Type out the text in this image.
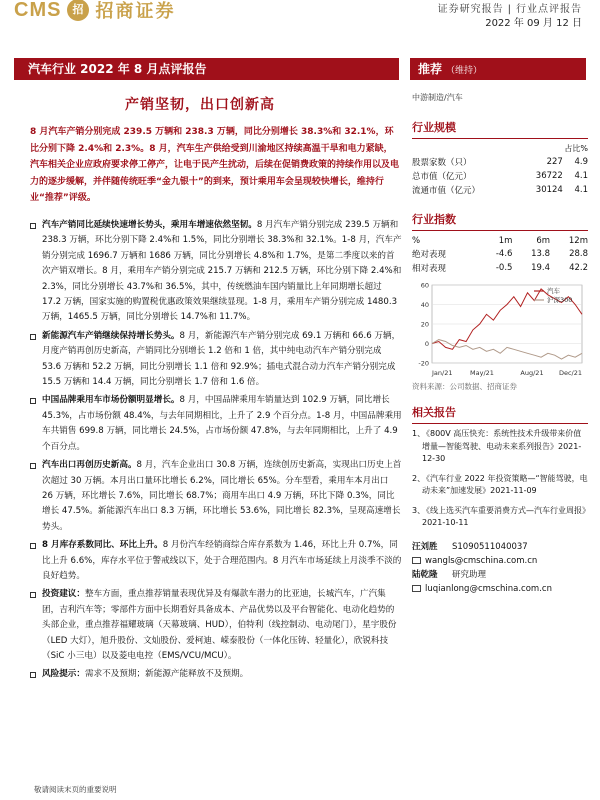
CMS	招 招商证券	证券研究报告 | 行业点评报告
2022 年 09 月 12 日
汽车行业 2022 年 8 月点评报告	推荐 （维持）
产销坚韧，出口创新高
8 月汽车产销分别完成 239.5 万辆和 238.3 万辆，同比分别增长 38.3%和 32.1%，环比分别下降 2.4%和 2.3%。8 月，汽车生产供给受到川渝地区持续高温干旱和电力紧缺，汽车相关企业应政府要求停工停产，让电于民产生扰动，后续在促销费政策的持续作用以及电力的逐步缓解，并伴随传统旺季“金九银十”的到来，预计乘用车会呈现较快增长，维持行业“推荐”评级。
汽车产销同比延续快速增长势头，乘用车增速依然坚韧。8 月汽车产销分别完成 239.5 万辆和 238.3 万辆，环比分别下降 2.4%和 1.5%，同比分别增长 38.3%和 32.1%。1-8 月，汽车产销分别完成 1696.7 万辆和 1686 万辆，同比分别增长 4.8%和 1.7%，是第二季度以来的首次产销双增长。8 月，乘用车产销分别完成 215.7 万辆和 212.5 万辆，环比分别下降 2.4%和 2.3%，同比分别增长 43.7%和 36.5%，其中，传统燃油车国内销量比上年同期增长超过 17.2 万辆，国家实施的购置税优惠政策效果继续显现。1-8 月，乘用车产销分别完成 1480.3 万辆，1465.5 万辆，同比分别增长 14.7%和 11.7%。
新能源汽车产销继续保持增长势头。8 月，新能源汽车产销分别完成 69.1 万辆和 66.6 万辆，月度产销再创历史新高，产销同比分别增长 1.2 倍和 1 倍，其中纯电动汽车产销分别完成 53.6 万辆和 52.2 万辆，同比分别增长 1.1 倍和 92.9%；插电式混合动力汽车产销分别完成 15.5 万辆和 14.4 万辆，同比分别增长 1.7 倍和 1.6 倍。
中国品牌乘用车市场份额明显增长。8 月，中国品牌乘用车销量达到 102.9 万辆，同比增长 45.3%，占市场份额 48.4%，与去年同期相比，上升了 2.9 个百分点。1-8 月，中国品牌乘用车共销售 699.8 万辆，同比增长 24.5%，占市场份额 47.8%，与去年同期相比，上升了 4.9 个百分点。
汽车出口再创历史新高。8 月，汽车企业出口 30.8 万辆，连续创历史新高，实现出口历史上首次超过 30 万辆。本月出口量环比增长 6.2%，同比增长 65%。分车型看，乘用车本月出口 26 万辆，环比增长 7.6%，同比增长 68.7%；商用车出口 4.9 万辆，环比下降 0.3%，同比增长 47.5%。新能源汽车出口 8.3 万辆，环比增长 53.6%，同比增长 82.3%，呈现高速增长势头。
8 月库存系数同比、环比上升。8 月份汽车经销商综合库存系数为 1.46，环比上升 0.7%，同比上升 6.6%，库存水平位于警戒线以下，处于合理范围内。8 月汽车市场延续上月淡季不淡的良好趋势。
投资建议：整车方面，重点推荐销量表现优异及有爆款车潜力的比亚迪，长城汽车，广汽集团，吉利汽车等；零部件方面中长期看好具备成本、产品优势以及平台智能化、电动化趋势的头部企业，重点推荐福耀玻璃（天幕玻璃、HUD），伯特利（线控制动、电动尾门），星宇股份（LED 大灯），旭升股份、文灿股份、爱柯迪、嵘泰股份（一体化压铸、轻量化），欣锐科技（SiC 小三电）以及菱电电控（EMS/VCU/MCU）。
风险提示：需求不及预期；新能源产能释放不及预期。
中游制造/汽车
行业规模
占比%
股票家数（只）	227	4.9
总市值（亿元）	36722	4.1
流通市值（亿元）	30124	4.1
行业指数
%	1m	6m	12m
绝对表现	-4.6	13.8	28.8
相对表现	-0.5	19.4	42.2
60
40
20
0
-20
Jan/21	May/21	Aug/21 Dec/21
汽车
沪深300
资料来源：公司数据、招商证券
相关报告
1、
《800V 高压快充：系统性技术升级带来价值增量—智能驾驶、电动未来系列报告》2021-12-30
2、
《汽车行业 2022 年投资策略—“智能驾驶，电动未来”加速发展》2021-11-09
3、
《线上选买汽车重要消费方式—汽车行业周报》2021-10-11
汪刘胜	S1090511040037
wangls@cmschina.com.cn
陆乾隆	研究助理
luqianlong@cmschina.com.cn
敬请阅读末页的重要说明
